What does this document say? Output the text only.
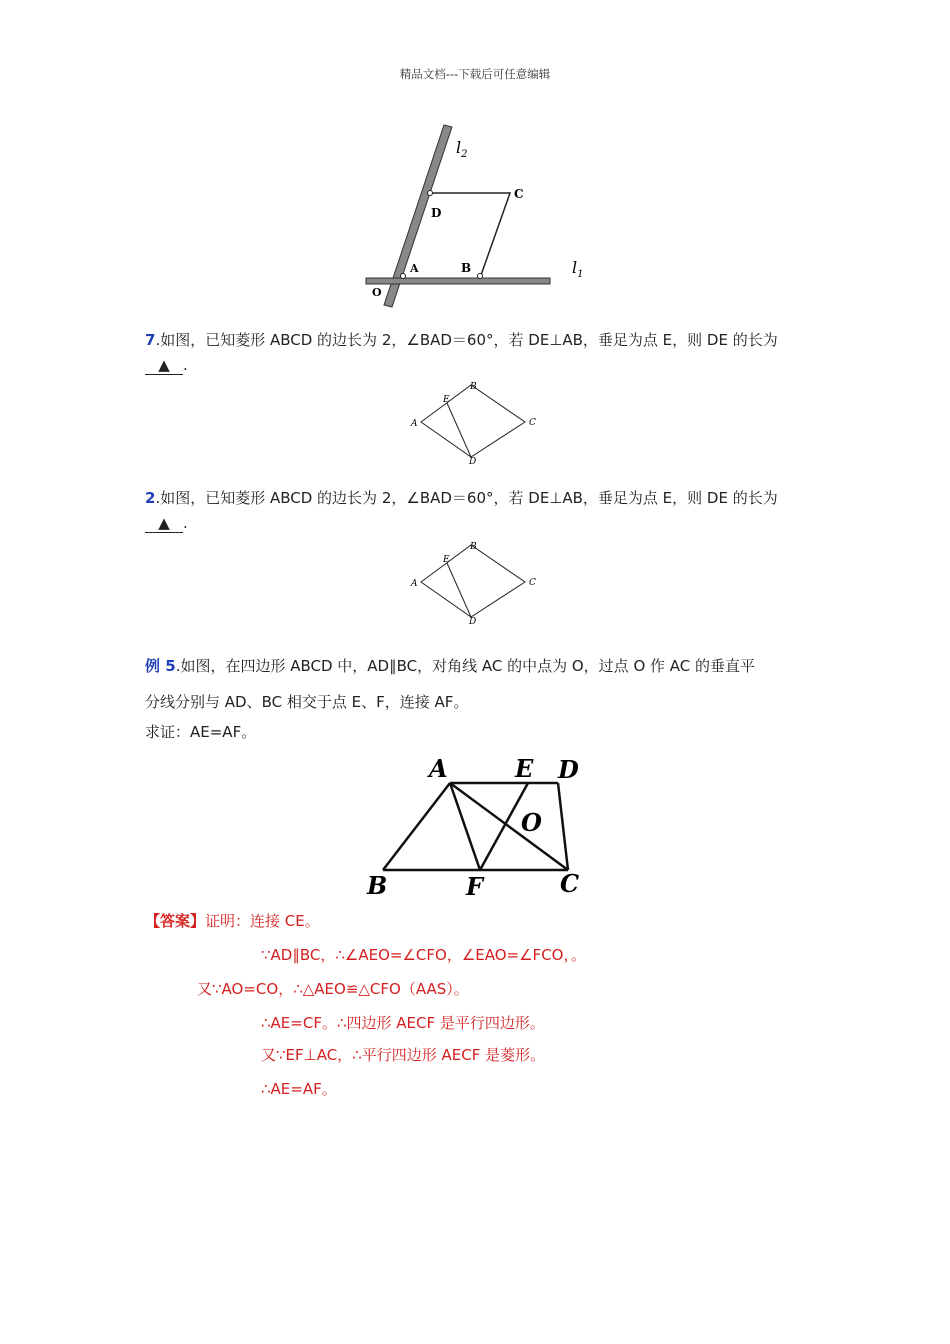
精品文档---下载后可任意编辑
$l_2$
$l_1$
C
D
A	B
O
7.如图，已知菱形 ABCD 的边长为 2，∠BAD＝60°，若 DE⊥AB，垂足为点 E，则 DE 的长为▲ .
A
B
C
D
E
2.如图，已知菱形 ABCD 的边长为 2，∠BAD＝60°，若 DE⊥AB，垂足为点 E，则 DE 的长为▲ .
A
B
C
D
E
例 5.如图，在四边形 ABCD 中，AD∥BC，对角线 AC 的中点为 O，过点 O 作 AC 的垂直平
分线分别与 AD、BC 相交于点 E、F，连接 AF。
求证：AE=AF。
A	E D
O
B	F	C
【答案】证明：连接 CE。
∵AD∥BC，∴∠AEO=∠CFO，∠EAO=∠FCO，。
又∵AO=CO，∴△AEO≌△CFO（AAS）。
∴AE=CF。∴四边形 AECF 是平行四边形。
又∵EF⊥AC，∴平行四边形 AECF 是菱形。
∴AE=AF。
